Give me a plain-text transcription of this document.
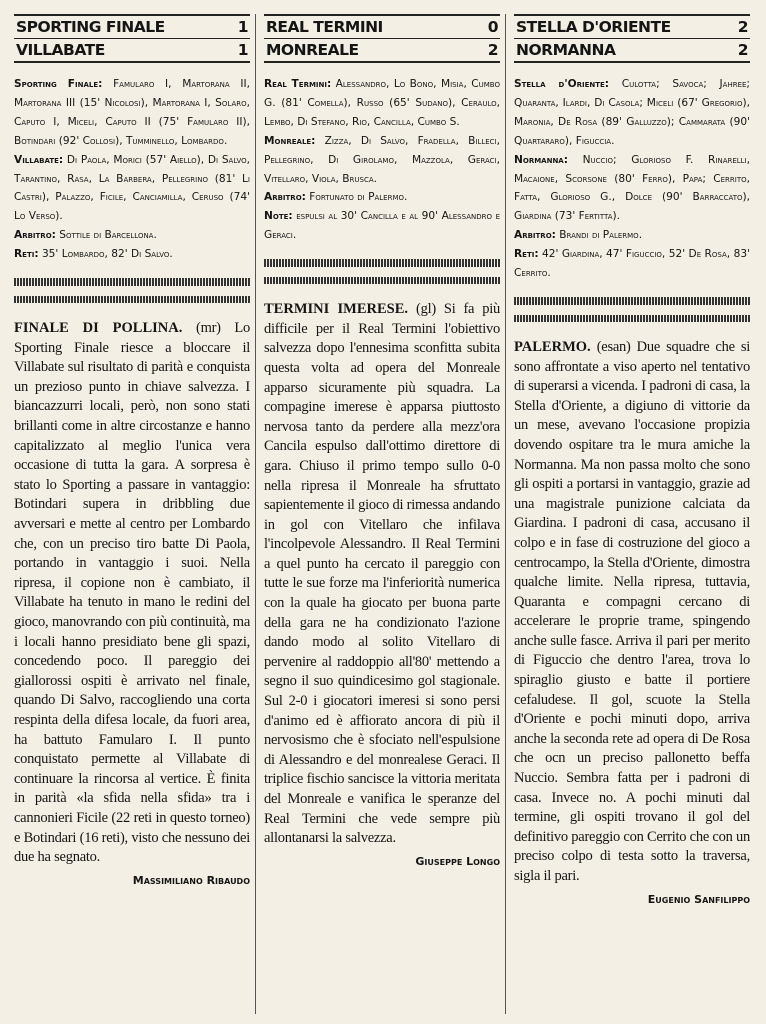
SPORTING FINALE	1
VILLABATE	1

Sporting Finale: Famularo I, Martorana II, Martorana III (15' Nicolosi), Martorana I, Solaro, Caputo I, Miceli, Caputo II (75' Famularo II), Botindari (92' Collosi), Tumminello, Lombardo.

Villabate: Di Paola, Morici (57' Aiello), Di Salvo, Tarantino, Rasa, La Barbera, Pellegrino (81' Li Castri), Palazzo, Ficile, Canciamilla, Ceruso (74' Lo Verso).

Arbitro: Sottile di Barcellona.

Reti: 35' Lombardo, 82' Di Salvo.

FINALE DI POLLINA. (mr) Lo Sporting Finale riesce a bloccare il Villabate sul risultato di parità e conquista un prezioso punto in chiave salvezza. I biancazzurri locali, però, non sono stati brillanti come in altre circostanze e hanno capitalizzato al meglio l'unica vera occasione di tutta la gara. A sorpresa è stato lo Sporting a passare in vantaggio: Botindari supera in dribbling due avversari e mette al centro per Lombardo che, con un preciso tiro batte Di Paola, portando in vantaggio i suoi. Nella ripresa, il copione non è cambiato, il Villabate ha tenuto in mano le redini del gioco, manovrando con più continuità, ma i locali hanno presidiato bene gli spazi, concedendo poco. Il pareggio dei giallorossi ospiti è arrivato nel finale, quando Di Salvo, raccogliendo una corta respinta della difesa locale, da fuori area, ha battuto Famularo I. Il punto conquistato permette al Villabate di continuare la rincorsa al vertice. È finita in parità «la sfida nella sfida» tra i cannonieri Ficile (22 reti in questo torneo) e Botindari (16 reti), visto che nessuno dei due ha segnato.
Massimiliano Ribaudo
REAL TERMINI	0
MONREALE	2

Real Termini: Alessandro, Lo Bono, Misia, Cumbo G. (81' Comella), Russo (65' Sudano), Ceraulo, Lembo, Di Stefano, Rio, Cancilla, Cumbo S.

Monreale: Zizza, Di Salvo, Fradella, Billeci, Pellegrino, Di Girolamo, Mazzola, Geraci, Vitellaro, Viola, Brusca.

Arbitro: Fortunato di Palermo.

Note: espulsi al 30' Cancilla e al 90' Alessandro e Geraci.

TERMINI IMERESE. (gl) Si fa più difficile per il Real Termini l'obiettivo salvezza dopo l'ennesima sconfitta subita questa volta ad opera del Monreale apparso sicuramente più squadra. La compagine imerese è apparsa piuttosto nervosa tanto da perdere alla mezz'ora Cancila espulso dall'ottimo direttore di gara. Chiuso il primo tempo sullo 0-0 nella ripresa il Monreale ha sfruttato sapientemente il gioco di rimessa andando in gol con Vitellaro che infilava l'incolpevole Alessandro. Il Real Termini a quel punto ha cercato il pareggio con tutte le sue forze ma l'inferiorità numerica con la quale ha giocato per buona parte della gara ne ha condizionato l'azione dando modo al solito Vitellaro di pervenire al raddoppio all'80' mettendo a segno il suo quindicesimo gol stagionale. Sul 2-0 i giocatori imeresi si sono persi d'animo ed è affiorato ancora di più il nervosismo che è sfociato nell'espulsione di Alessandro e del monrealese Geraci. Il triplice fischio sancisce la vittoria meritata del Monreale e vanifica le speranze del Real Termini che vede sempre più allontanarsi la salvezza.
Giuseppe Longo
STELLA D'ORIENTE	2
NORMANNA	2

Stella d'Oriente: Culotta; Savoca; Jahree; Quaranta, Ilardi, Di Casola; Miceli (67' Gregorio), Maronia, De Rosa (89' Galluzzo); Cammarata (90' Quartararo), Figuccia.

Normanna: Nuccio; Glorioso F. Rinarelli, Macaione, Scorsone (80' Ferro), Papa; Cerrito, Fatta, Glorioso G., Dolce (90' Barraccato), Giardina (73' Fertitta).

Arbitro: Brandi di Palermo.

Reti: 42' Giardina, 47' Figuccio, 52' De Rosa, 83' Cerrito.

PALERMO. (esan) Due squadre che si sono affrontate a viso aperto nel tentativo di superarsi a vicenda. I padroni di casa, la Stella d'Oriente, a digiuno di vittorie da un mese, avevano l'occasione propizia dovendo ospitare tra le mura amiche la Normanna. Ma non passa molto che sono gli ospiti a portarsi in vantaggio, grazie ad una magistrale punizione calciata da Giardina. I padroni di casa, accusano il colpo e in fase di costruzione del gioco a centrocampo, la Stella d'Oriente, dimostra qualche limite. Nella ripresa, tuttavia, Quaranta e compagni cercano di accelerare le proprie trame, spingendo anche sulle fasce. Arriva il pari per merito di Figuccio che dentro l'area, trova lo spiraglio giusto e batte il portiere cefaludese. Il gol, scuote la Stella d'Oriente e pochi minuti dopo, arriva anche la seconda rete ad opera di De Rosa che ocn un preciso pallonetto beffa Nuccio. Sembra fatta per i padroni di casa. Invece no. A pochi minuti dal termine, gli ospiti trovano il gol del definitivo pareggio con Cerrito che con un preciso colpo di testa sotto la traversa, sigla il pari.
Eugenio Sanfilippo
